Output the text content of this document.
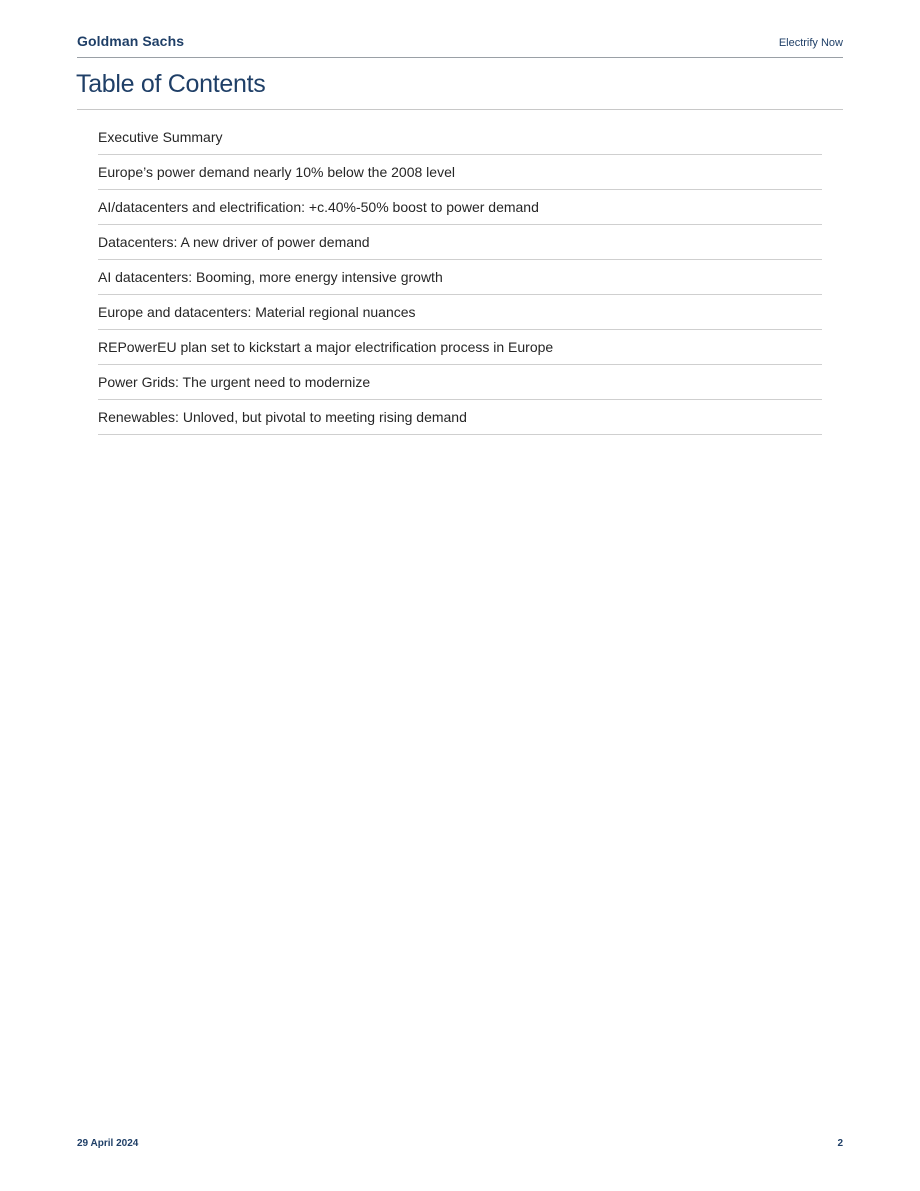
Goldman Sachs	Electrify Now
Table of Contents
Executive Summary
Europe’s power demand nearly 10% below the 2008 level
AI/datacenters and electrification: +c.40%-50% boost to power demand
Datacenters: A new driver of power demand
AI datacenters: Booming, more energy intensive growth
Europe and datacenters: Material regional nuances
REPowerEU plan set to kickstart a major electrification process in Europe
Power Grids: The urgent need to modernize
Renewables: Unloved, but pivotal to meeting rising demand
29 April 2024	2
